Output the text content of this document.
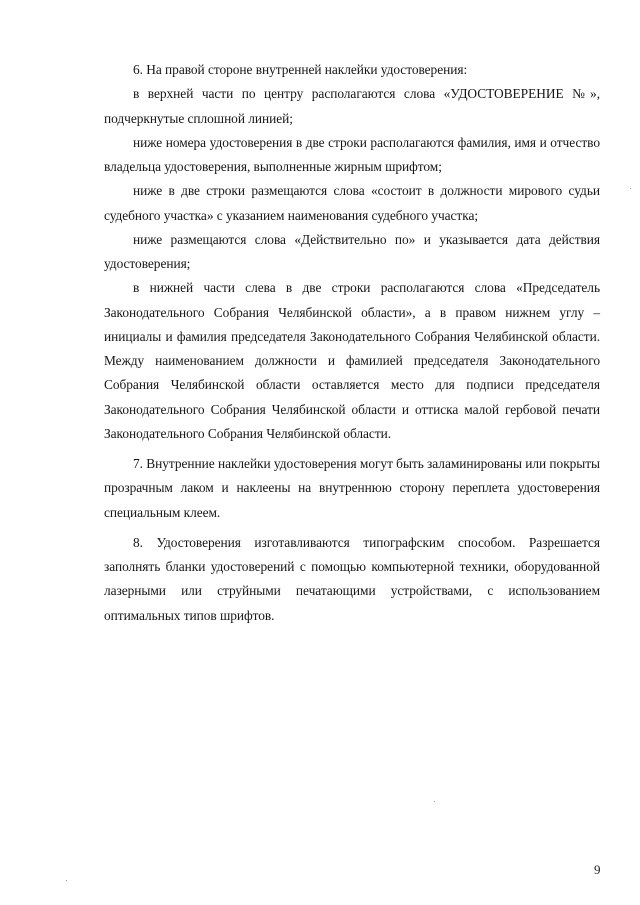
6. На правой стороне внутренней наклейки удостоверения:

в верхней части по центру располагаются слова «УДОСТОВЕРЕНИЕ №», подчеркнутые сплошной линией;

ниже номера удостоверения в две строки располагаются фамилия, имя и отчество владельца удостоверения, выполненные жирным шрифтом;

ниже в две строки размещаются слова «состоит в должности мирового судьи судебного участка» с указанием наименования судебного участка;

ниже размещаются слова «Действительно по» и указывается дата действия удостоверения;

в нижней части слева в две строки располагаются слова «Председатель Законодательного Собрания Челябинской области», а в правом нижнем углу – инициалы и фамилия председателя Законодательного Собрания Челябинской области. Между наименованием должности и фамилией председателя Законодательного Собрания Челябинской области оставляется место для подписи председателя Законодательного Собрания Челябинской области и оттиска малой гербовой печати Законодательного Собрания Челябинской области.

7. Внутренние наклейки удостоверения могут быть заламинированы или покрыты прозрачным лаком и наклеены на внутреннюю сторону переплета удостоверения специальным клеем.

8. Удостоверения изготавливаются типографским способом. Разрешается заполнять бланки удостоверений с помощью компьютерной техники, оборудованной лазерными или струйными печатающими устройствами, с использованием оптимальных типов шрифтов.

9
